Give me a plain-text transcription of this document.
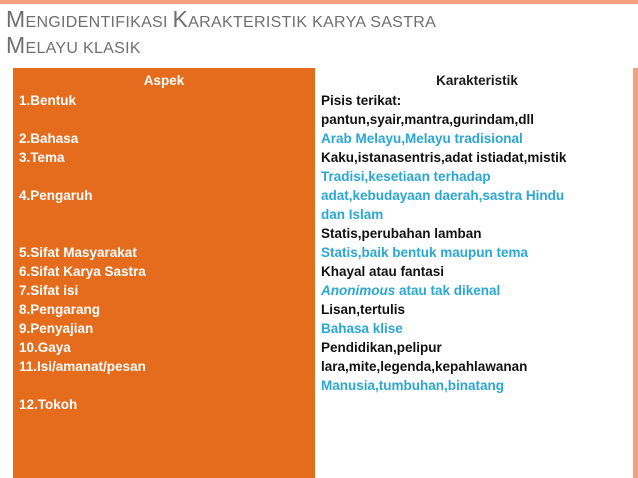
MENGIDENTIFIKASI KARAKTERISTIK KARYA SASTRA
MELAYU KLASIK
Aspek
1.Bentuk
2.Bahasa
3.Tema
4.Pengaruh
5.Sifat Masyarakat
6.Sifat Karya Sastra
7.Sifat isi
8.Pengarang
9.Penyajian
10.Gaya
11.Isi/amanat/pesan
12.Tokoh
Karakteristik
Pisis terikat:
pantun,syair,mantra,gurindam,dll
Arab Melayu,Melayu tradisional
Kaku,istanasentris,adat istiadat,mistik
Tradisi,kesetiaan terhadap
adat,kebudayaan daerah,sastra Hindu
dan Islam
Statis,perubahan lamban
Statis,baik bentuk maupun tema
Khayal atau fantasi
Anonimous atau tak dikenal
Lisan,tertulis
Bahasa klise
Pendidikan,pelipur
lara,mite,legenda,kepahlawanan
Manusia,tumbuhan,binatang
